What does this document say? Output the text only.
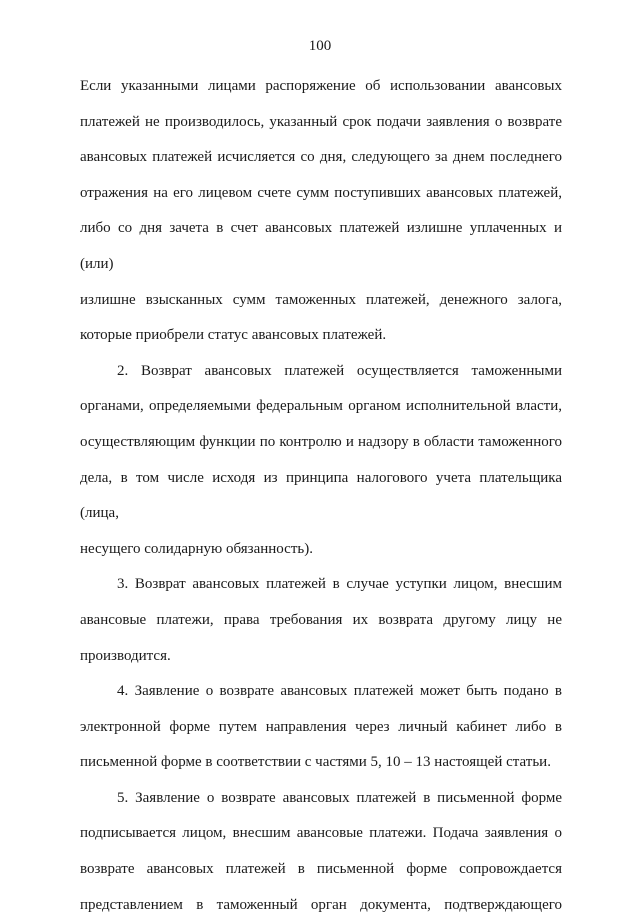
100

Если указанными лицами распоряжение об использовании авансовых
платежей не производилось, указанный срок подачи заявления о возврате
авансовых платежей исчисляется со дня, следующего за днем последнего
отражения на его лицевом счете сумм поступивших авансовых платежей,
либо со дня зачета в счет авансовых платежей излишне уплаченных и (или)
излишне взысканных сумм таможенных платежей, денежного залога,
которые приобрели статус авансовых платежей.

2. Возврат авансовых платежей осуществляется таможенными
органами, определяемыми федеральным органом исполнительной власти,
осуществляющим функции по контролю и надзору в области таможенного
дела, в том числе исходя из принципа налогового учета плательщика (лица,
несущего солидарную обязанность).

3. Возврат авансовых платежей в случае уступки лицом, внесшим
авансовые платежи, права требования их возврата другому лицу не
производится.

4. Заявление о возврате авансовых платежей может быть подано в
электронной форме путем направления через личный кабинет либо в
письменной форме в соответствии с частями 5, 10 – 13 настоящей статьи.

5. Заявление о возврате авансовых платежей в письменной форме
подписывается лицом, внесшим авансовые платежи. Подача заявления о
возврате авансовых платежей в письменной форме сопровождается
представлением в таможенный орган документа, подтверждающего
